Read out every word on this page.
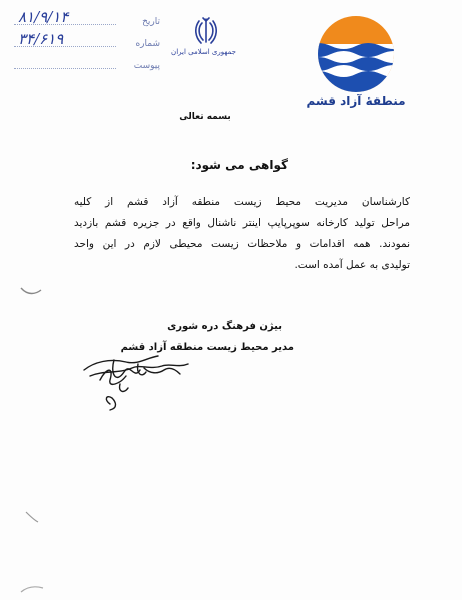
۸۱/۹/۱۴	تاریخ
۳۴/۶۱۹	شماره
پیوست
جمهوری اسلامی ایران
منطقهٔ آزاد قشم
بسمه تعالی
گواهی می شود:
کارشناسان مدیریت محیط زیست منطقه آزاد قشم از کلیه
مراحل تولید کارخانه سوپرپایپ اینتر ناشنال واقع در جزیره قشم بازدید
نمودند. همه اقدامات و ملاحظات زیست محیطی لازم در این واحد
تولیدی به عمل آمده است.
بیژن فرهنگ دره شوری
مدیر محیط زیست منطقه آزاد قشم
